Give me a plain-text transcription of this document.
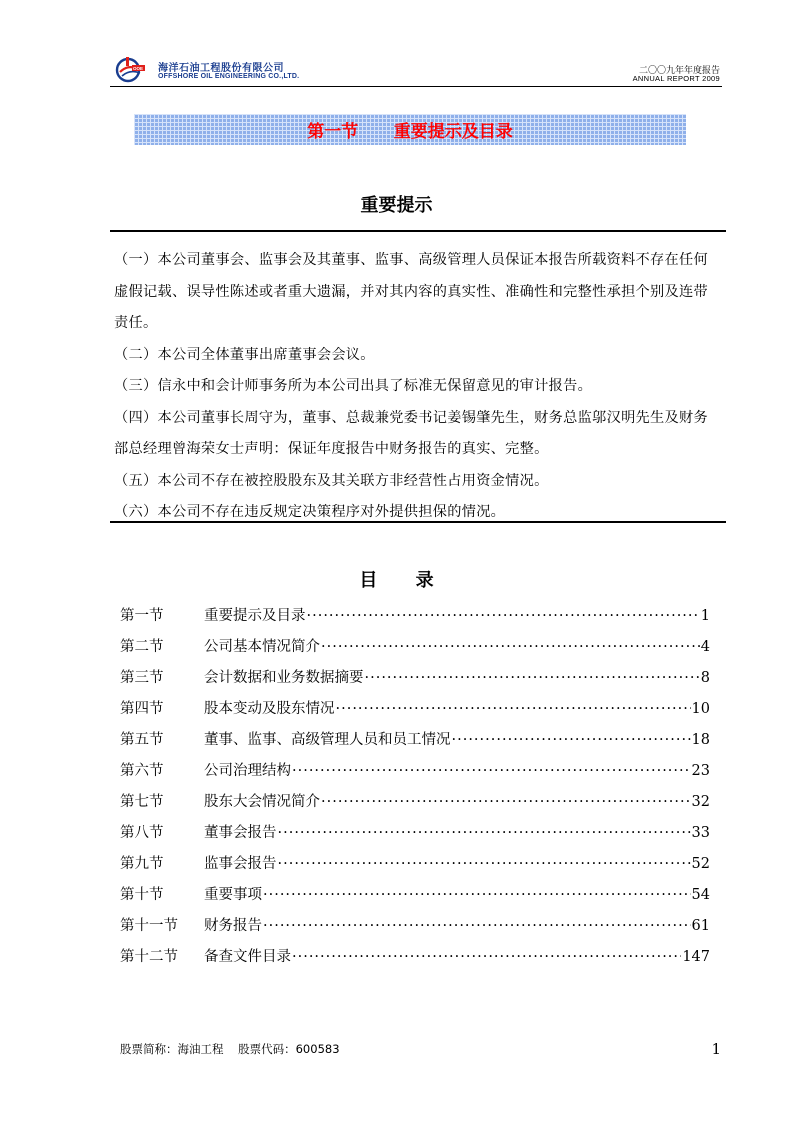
OOE 海洋石油工程股份有限公司
OFFSHORE OIL ENGINEERING CO.,LTD.
二〇〇九年年度报告
ANNUAL REPORT 2009
第一节      重要提示及目录
重要提示

（一）本公司董事会、监事会及其董事、监事、高级管理人员保证本报告所载资料不存在任何虚假记载、误导性陈述或者重大遗漏，并对其内容的真实性、准确性和完整性承担个别及连带责任。

（二）本公司全体董事出席董事会会议。

（三）信永中和会计师事务所为本公司出具了标准无保留意见的审计报告。

（四）本公司董事长周守为，董事、总裁兼党委书记姜锡肇先生，财务总监邬汉明先生及财务部总经理曾海荣女士声明：保证年度报告中财务报告的真实、完整。

（五）本公司不存在被控股股东及其关联方非经营性占用资金情况。

（六）本公司不存在违反规定决策程序对外提供担保的情况。

目 录
第一节	重要提示及目录 ·····	1
第二节	公司基本情况简介 ·····	4
第三节	会计数据和业务数据摘要 ·····	8
第四节	股本变动及股东情况 ·····	10
第五节	董事、监事、高级管理人员和员工情况 ·····	18
第六节	公司治理结构 ·····	23
第七节	股东大会情况简介 ·····	32
第八节	董事会报告 ·····	33
第九节	监事会报告 ·····	52
第十节	重要事项 ·····	54
第十一节	财务报告 ·····	61
第十二节	备查文件目录 ·····	147
股票简称：海油工程    股票代码：600583	1
